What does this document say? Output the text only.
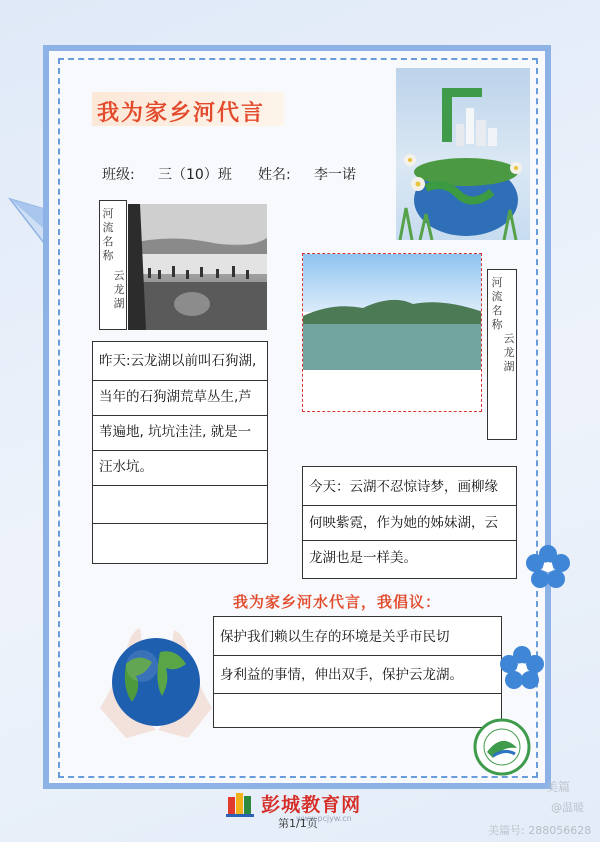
我为家乡河代言
班级: 三（10）班 姓名: 李一诺
河流名称
云龙湖
河流名称
云龙湖
昨天:云龙湖以前叫石狗湖,
当年的石狗湖荒草丛生,芦
苇遍地, 坑坑洼洼, 就是一
汪水坑。
今天：云湖不忍惊诗梦，画柳缘
何映紫霓，作为她的姊妹湖，云
龙湖也是一样美。
我为家乡河水代言，我倡议：
保护我们赖以生存的环境是关乎市民切
身利益的事情，伸出双手，保护云龙湖。
彭城教育网
www.pcjyw.cn
第1/1页
美篇
@温暖
美篇号: 288056628
